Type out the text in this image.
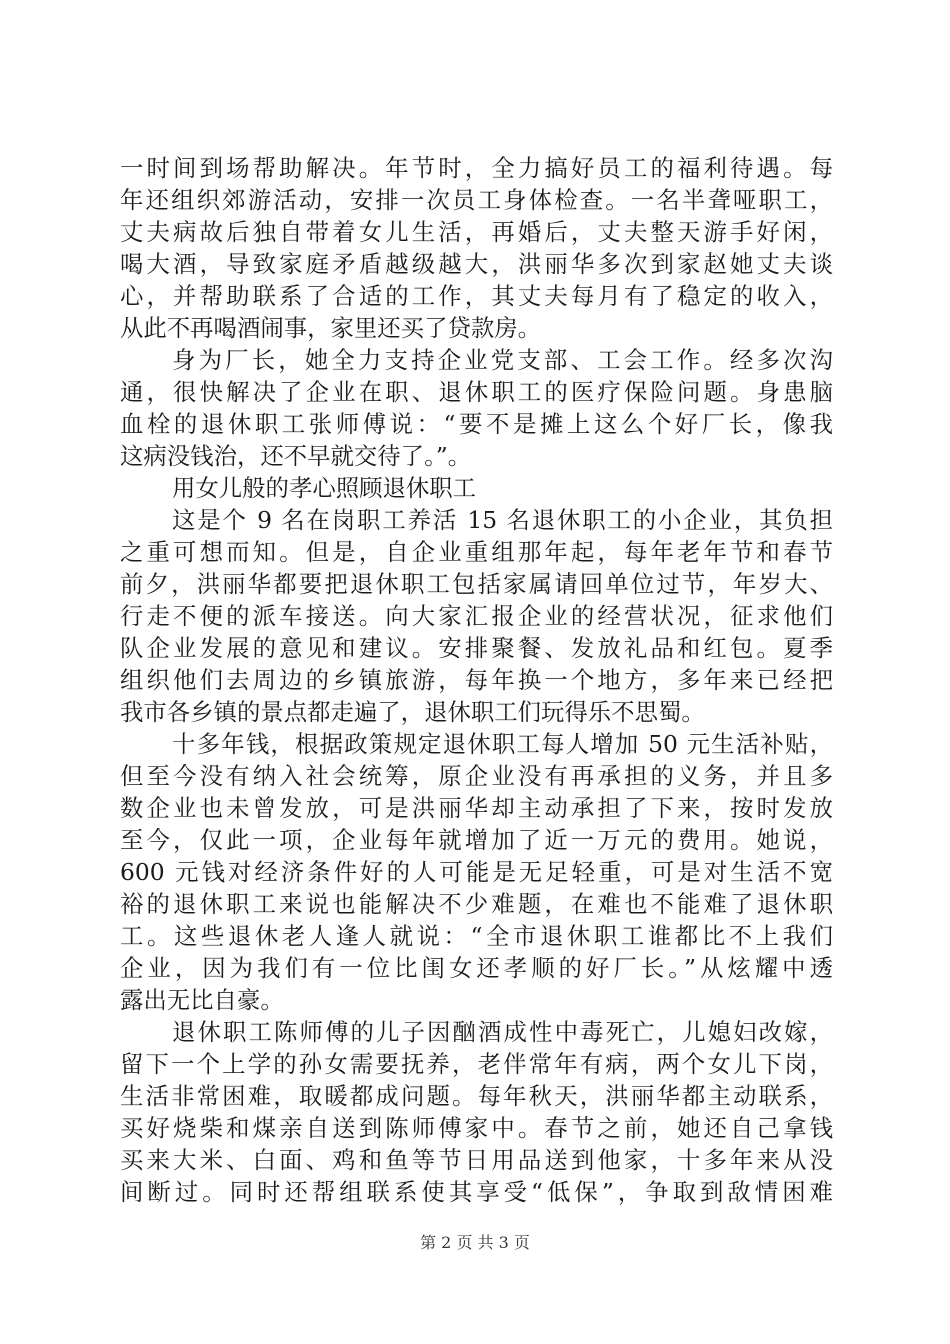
一时间到场帮助解决。年节时，全力搞好员工的福利待遇。每
年还组织郊游活动，安排一次员工身体检查。一名半聋哑职工，
丈夫病故后独自带着女儿生活，再婚后，丈夫整天游手好闲，
喝大酒，导致家庭矛盾越级越大，洪丽华多次到家赵她丈夫谈
心，并帮助联系了合适的工作，其丈夫每月有了稳定的收入，
从此不再喝酒闹事，家里还买了贷款房。
身为厂长，她全力支持企业党支部、工会工作。经多次沟
通，很快解决了企业在职、退休职工的医疗保险问题。身患脑
血栓的退休职工张师傅说：“要不是摊上这么个好厂长，像我
这病没钱治，还不早就交待了。”。
用女儿般的孝心照顾退休职工
这是个 9 名在岗职工养活 15 名退休职工的小企业，其负担
之重可想而知。但是，自企业重组那年起，每年老年节和春节
前夕，洪丽华都要把退休职工包括家属请回单位过节，年岁大、
行走不便的派车接送。向大家汇报企业的经营状况，征求他们
队企业发展的意见和建议。安排聚餐、发放礼品和红包。夏季
组织他们去周边的乡镇旅游，每年换一个地方，多年来已经把
我市各乡镇的景点都走遍了，退休职工们玩得乐不思蜀。
十多年钱，根据政策规定退休职工每人增加 50 元生活补贴，
但至今没有纳入社会统筹，原企业没有再承担的义务，并且多
数企业也未曾发放，可是洪丽华却主动承担了下来，按时发放
至今，仅此一项，企业每年就增加了近一万元的费用。她说，
600 元钱对经济条件好的人可能是无足轻重，可是对生活不宽
裕的退休职工来说也能解决不少难题，在难也不能难了退休职
工。这些退休老人逢人就说：“全市退休职工谁都比不上我们
企业，因为我们有一位比闺女还孝顺的好厂长。”从炫耀中透
露出无比自豪。
退休职工陈师傅的儿子因酗酒成性中毒死亡，儿媳妇改嫁，
留下一个上学的孙女需要抚养，老伴常年有病，两个女儿下岗，
生活非常困难，取暖都成问题。每年秋天，洪丽华都主动联系，
买好烧柴和煤亲自送到陈师傅家中。春节之前，她还自己拿钱
买来大米、白面、鸡和鱼等节日用品送到他家，十多年来从没
间断过。同时还帮组联系使其享受“低保”，争取到敌情困难
第 2 页 共 3 页
